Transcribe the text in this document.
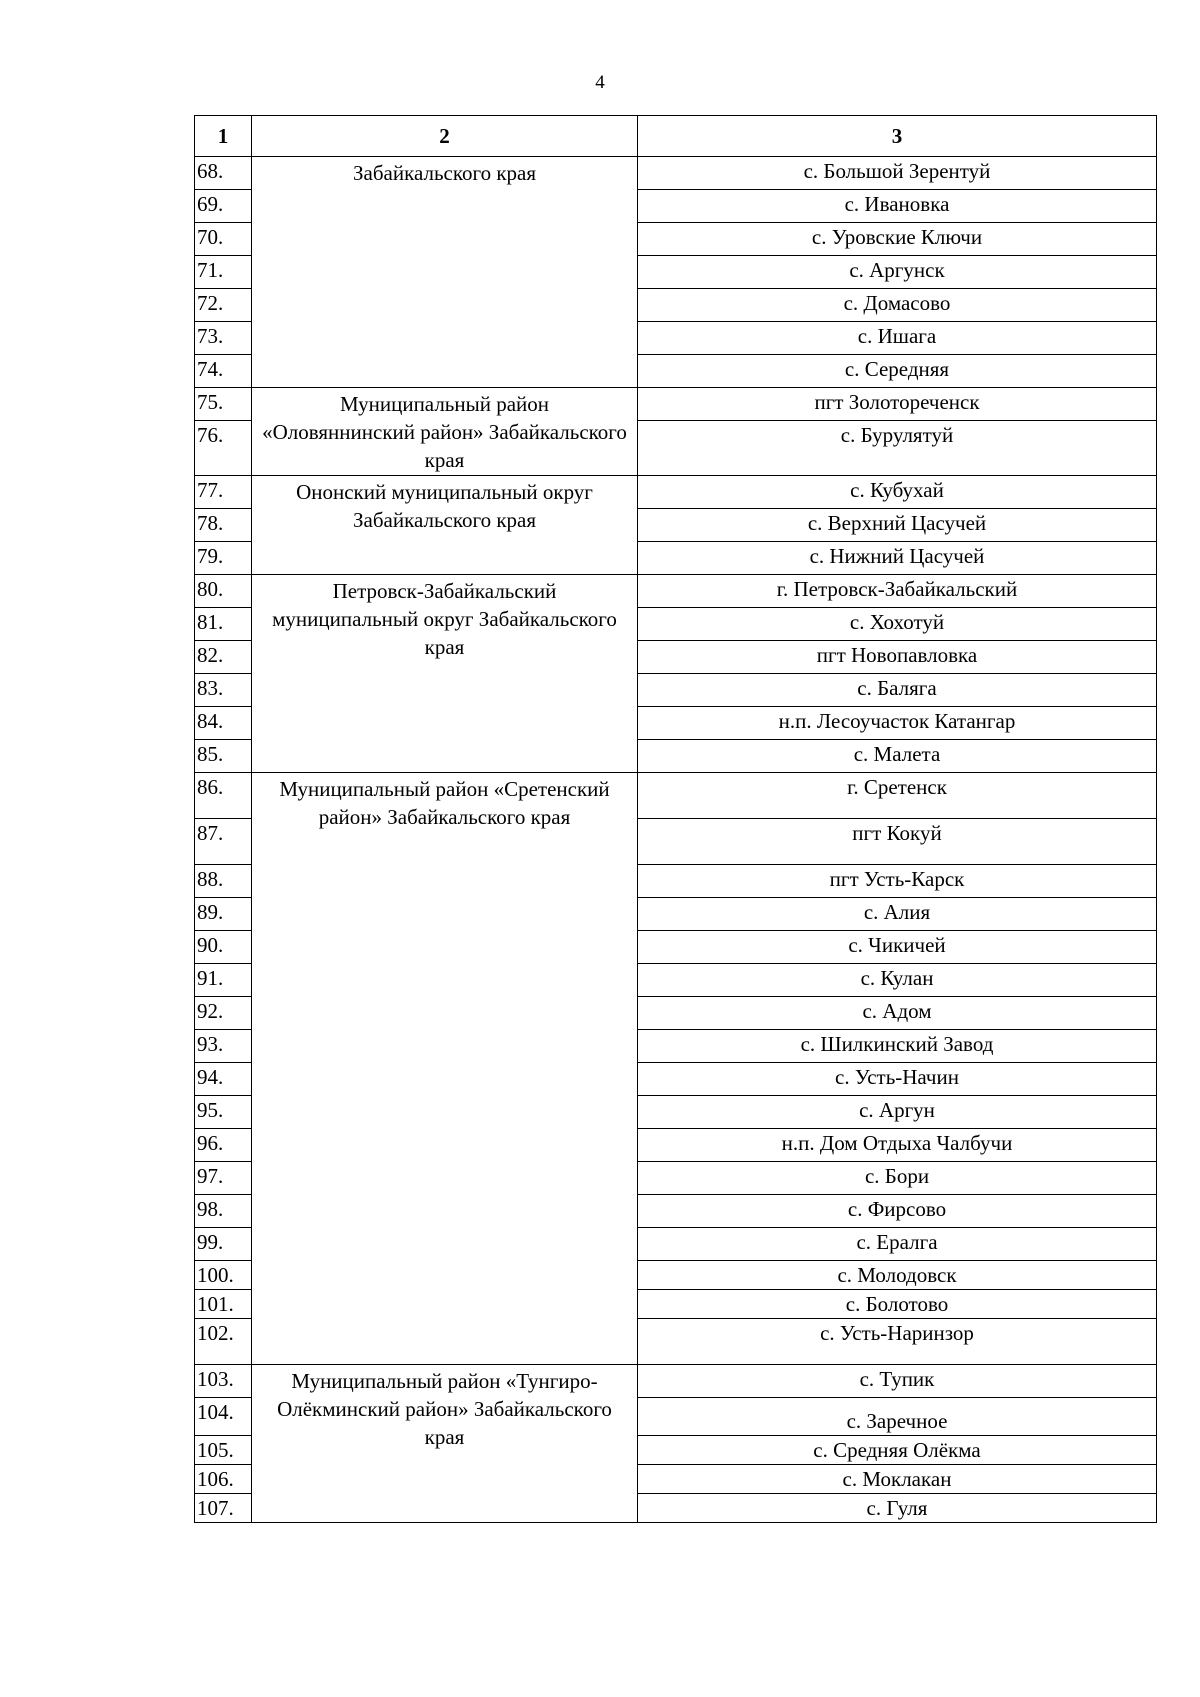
4
1	2	3
68.	Забайкальского края	с. Большой Зерентуй
69.		с. Ивановка
70.		с. Уровские Ключи
71.		с. Аргунск
72.		с. Домасово
73.		с. Ишага
74.		с. Середняя
75.	Муниципальный район «Оловяннинский район» Забайкальского края	пгт Золотореченск
76.		с. Бурулятуй
77.	Ононский муниципальный округ Забайкальского края	с. Кубухай
78.		с. Верхний Цасучей
79.		с. Нижний Цасучей
80.	Петровск-Забайкальский муниципальный округ Забайкальского края	г. Петровск-Забайкальский
81.		с. Хохотуй
82.		пгт Новопавловка
83.		с. Баляга
84.		н.п. Лесоучасток Катангар
85.		с. Малета
86.	Муниципальный район «Сретенский район» Забайкальского края	г. Сретенск
87.		пгт Кокуй
88.		пгт Усть-Карск
89.		с. Алия
90.		с. Чикичей
91.		с. Кулан
92.		с. Адом
93.		с. Шилкинский Завод
94.		с. Усть-Начин
95.		с. Аргун
96.		н.п. Дом Отдыха Чалбучи
97.		с. Бори
98.		с. Фирсово
99.		с. Ералга
100.		с. Молодовск
101.		с. Болотово
102.		с. Усть-Наринзор
103.	Муниципальный район «Тунгиро-Олёкминский район» Забайкальского края	с. Тупик
104.		с. Заречное
105.		с. Средняя Олёкма
106.		с. Моклакан
107.		с. Гуля
